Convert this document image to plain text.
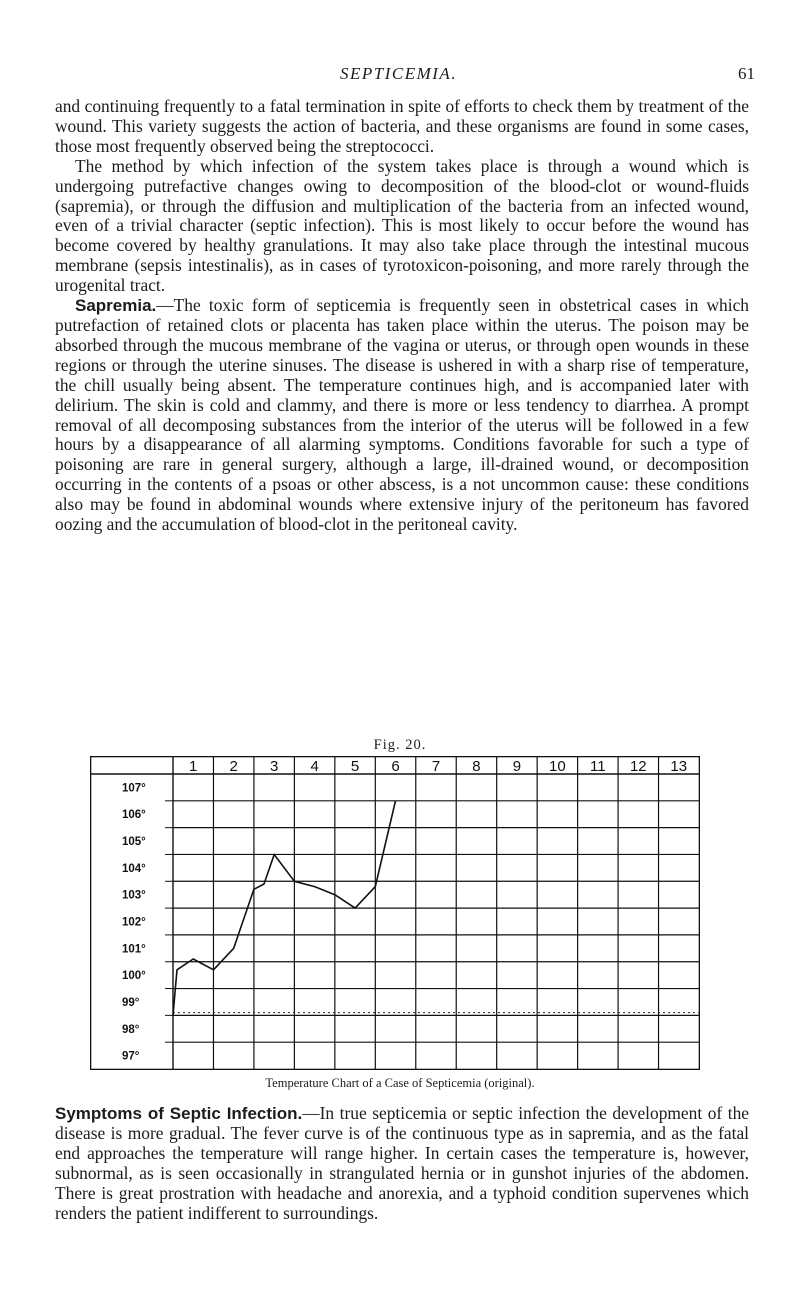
SEPTICEMIA.	61

and continuing frequently to a fatal termination in spite of efforts to check them by treatment of the wound. This variety suggests the action of bacteria, and these organisms are found in some cases, those most frequently observed being the streptococci.

The method by which infection of the system takes place is through a wound which is undergoing putrefactive changes owing to decomposition of the blood-clot or wound-fluids (sapremia), or through the diffusion and multiplication of the bacteria from an infected wound, even of a trivial character (septic infection). This is most likely to occur before the wound has become covered by healthy granulations. It may also take place through the intestinal mucous membrane (sepsis intestinalis), as in cases of tyrotoxicon-poisoning, and more rarely through the urogenital tract.

Sapremia.—The toxic form of septicemia is frequently seen in obstetrical cases in which putrefaction of retained clots or placenta has taken place within the uterus. The poison may be absorbed through the mucous membrane of the vagina or uterus, or through open wounds in these regions or through the uterine sinuses. The disease is ushered in with a sharp rise of temperature, the chill usually being absent. The temperature continues high, and is accompanied later with delirium. The skin is cold and clammy, and there is more or less tendency to diarrhea. A prompt removal of all decomposing substances from the interior of the uterus will be followed in a few hours by a disappearance of all alarming symptoms. Conditions favorable for such a type of poisoning are rare in general surgery, although a large, ill-drained wound, or decomposition occurring in the contents of a psoas or other abscess, is a not uncommon cause: these conditions also may be found in abdominal wounds where extensive injury of the peritoneum has favored oozing and the accumulation of blood-clot in the peritoneal cavity.

Fig. 20.
1 2 3 4 5 6 7 8 9 10 11 12 13
107°
106°
105°
104°
103°
102°
101°
100°
99°
98°
97°
Temperature Chart of a Case of Septicemia (original).

Symptoms of Septic Infection.—In true septicemia or septic infection the development of the disease is more gradual. The fever curve is of the continuous type as in sapremia, and as the fatal end approaches the temperature will range higher. In certain cases the temperature is, however, subnormal, as is seen occasionally in strangulated hernia or in gunshot injuries of the abdomen. There is great prostration with headache and anorexia, and a typhoid condition supervenes which renders the patient indifferent to surroundings.
